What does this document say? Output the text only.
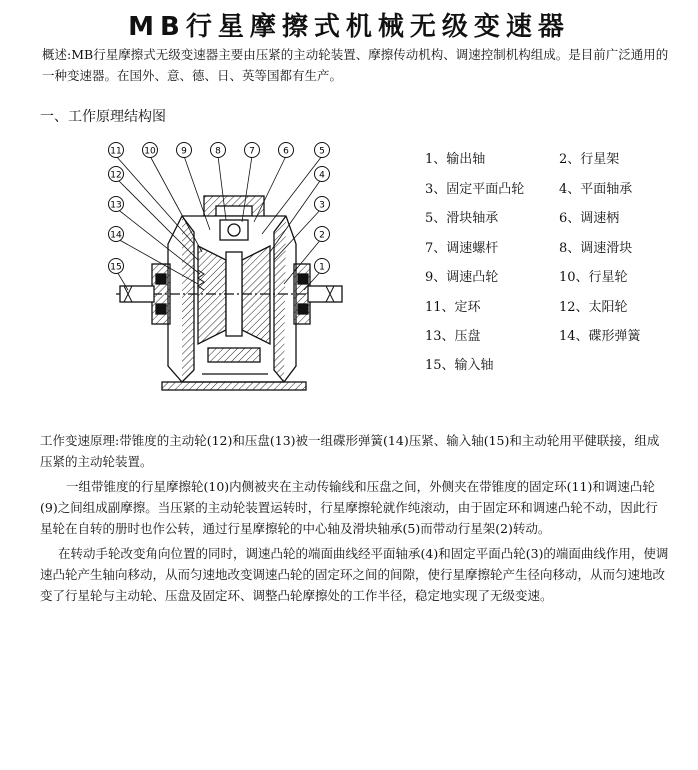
MB行星摩擦式机械无级变速器
概述:MB行星摩擦式无级变速器主要由压紧的主动轮装置、摩擦传动机构、调速控制机构组成。是目前广泛通用的一种变速器。在国外、意、德、日、英等国都有生产。
一、工作原理结构图
11	10	9	8	7	6	5
4
3
2
1
12
13
14
15
1、输出轴	2、行星架
3、固定平面凸轮	4、平面轴承
5、滑块轴承	6、调速柄
7、调速螺杆	8、调速滑块
9、调速凸轮	10、行星轮
11、定环	12、太阳轮
13、压盘	14、碟形弹簧
15、输入轴
工作变速原理:带锥度的主动轮(12)和压盘(13)被一组碟形弹簧(14)压紧、输入轴(15)和主动轮用平健联接，组成压紧的主动轮装置。
一组带锥度的行星摩擦轮(10)内侧被夹在主动传输线和压盘之间，外侧夹在带锥度的固定环(11)和调速凸轮(9)之间组成副摩擦。当压紧的主动轮装置运转时，行星摩擦轮就作纯滚动，由于固定环和调速凸轮不动，因此行星轮在自转的册时也作公转，通过行星摩擦轮的中心轴及滑块轴承(5)而带动行星架(2)转动。
在转动手轮改变角向位置的同时，调速凸轮的端面曲线经平面轴承(4)和固定平面凸轮(3)的端面曲线作用，使调速凸轮产生轴向移动，从而匀速地改变调速凸轮的固定环之间的间隙，使行星摩擦轮产生径向移动，从而匀速地改变了行星轮与主动轮、压盘及固定环、调整凸轮摩擦处的工作半径，稳定地实现了无级变速。
